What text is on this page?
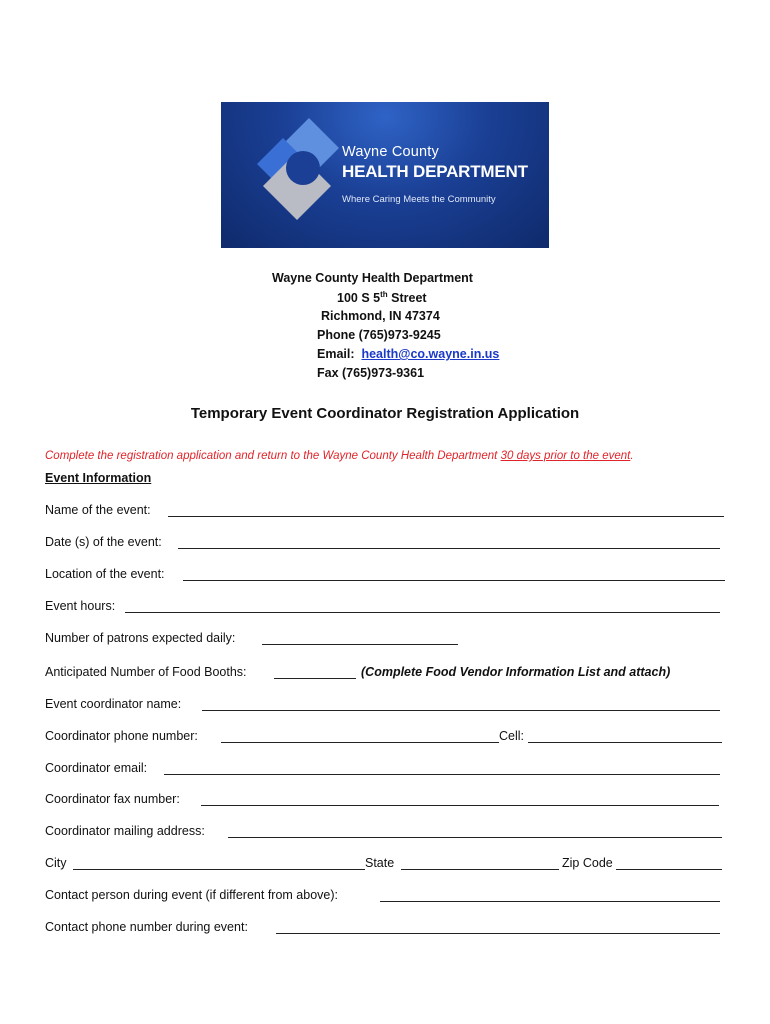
Wayne County
HEALTH DEPARTMENT
Where Caring Meets the Community
Wayne County Health Department
100 S 5th Street
Richmond, IN 47374
Phone (765)973-9245
Email: health@co.wayne.in.us
Fax (765)973-9361
Temporary Event Coordinator Registration Application
Complete the registration application and return to the Wayne County Health Department 30 days prior to the event.
Event Information
Name of the event:
Date (s) of the event:
Location of the event:
Event hours:
Number of patrons expected daily:
Anticipated Number of Food Booths:	(Complete Food Vendor Information List and attach)
Event coordinator name:
Coordinator phone number:	Cell:
Coordinator email:
Coordinator fax number:
Coordinator mailing address:
City	State	Zip Code
Contact person during event (if different from above):
Contact phone number during event:
